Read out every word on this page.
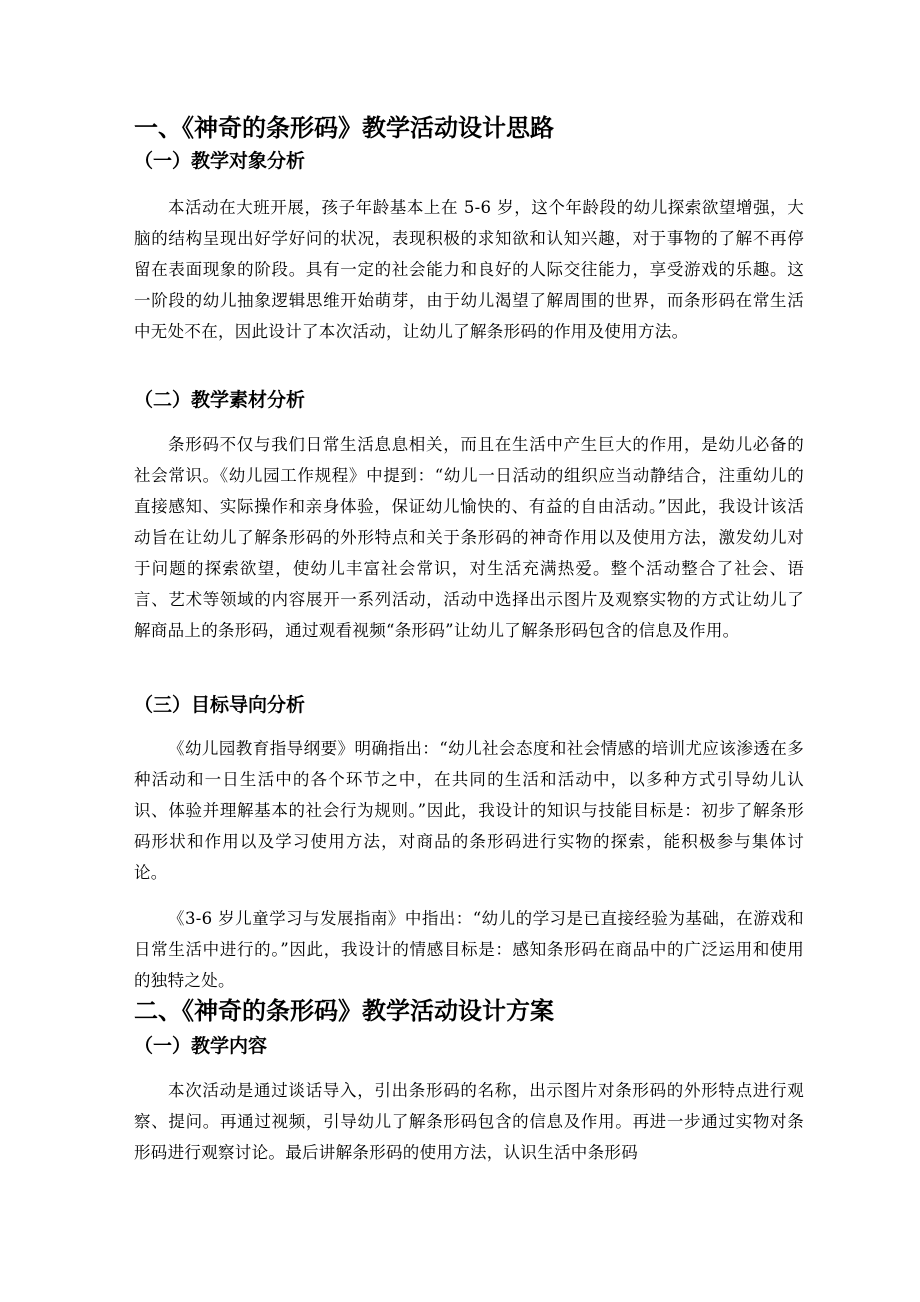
一、《神奇的条形码》教学活动设计思路
（一）教学对象分析

本活动在大班开展，孩子年龄基本上在 5-6 岁，这个年龄段的幼儿探索欲望增强，大脑的结构呈现出好学好问的状况，表现积极的求知欲和认知兴趣，对于事物的了解不再停留在表面现象的阶段。具有一定的社会能力和良好的人际交往能力，享受游戏的乐趣。这一阶段的幼儿抽象逻辑思维开始萌芽，由于幼儿渴望了解周围的世界，而条形码在常生活中无处不在，因此设计了本次活动，让幼儿了解条形码的作用及使用方法。

（二）教学素材分析

条形码不仅与我们日常生活息息相关，而且在生活中产生巨大的作用，是幼儿必备的社会常识。《幼儿园工作规程》中提到：“幼儿一日活动的组织应当动静结合，注重幼儿的直接感知、实际操作和亲身体验，保证幼儿愉快的、有益的自由活动。”因此，我设计该活动旨在让幼儿了解条形码的外形特点和关于条形码的神奇作用以及使用方法，激发幼儿对于问题的探索欲望，使幼儿丰富社会常识，对生活充满热爱。整个活动整合了社会、语言、艺术等领域的内容展开一系列活动，活动中选择出示图片及观察实物的方式让幼儿了解商品上的条形码，通过观看视频“条形码”让幼儿了解条形码包含的信息及作用。

（三）目标导向分析

《幼儿园教育指导纲要》明确指出：“幼儿社会态度和社会情感的培训尤应该渗透在多种活动和一日生活中的各个环节之中，在共同的生活和活动中，以多种方式引导幼儿认识、体验并理解基本的社会行为规则。”因此，我设计的知识与技能目标是：初步了解条形码形状和作用以及学习使用方法，对商品的条形码进行实物的探索，能积极参与集体讨论。

《3-6 岁儿童学习与发展指南》中指出：“幼儿的学习是已直接经验为基础，在游戏和日常生活中进行的。”因此，我设计的情感目标是：感知条形码在商品中的广泛运用和使用的独特之处。

二、《神奇的条形码》教学活动设计方案
（一）教学内容

本次活动是通过谈话导入，引出条形码的名称，出示图片对条形码的外形特点进行观察、提问。再通过视频，引导幼儿了解条形码包含的信息及作用。再进一步通过实物对条形码进行观察讨论。最后讲解条形码的使用方法，认识生活中条形码
